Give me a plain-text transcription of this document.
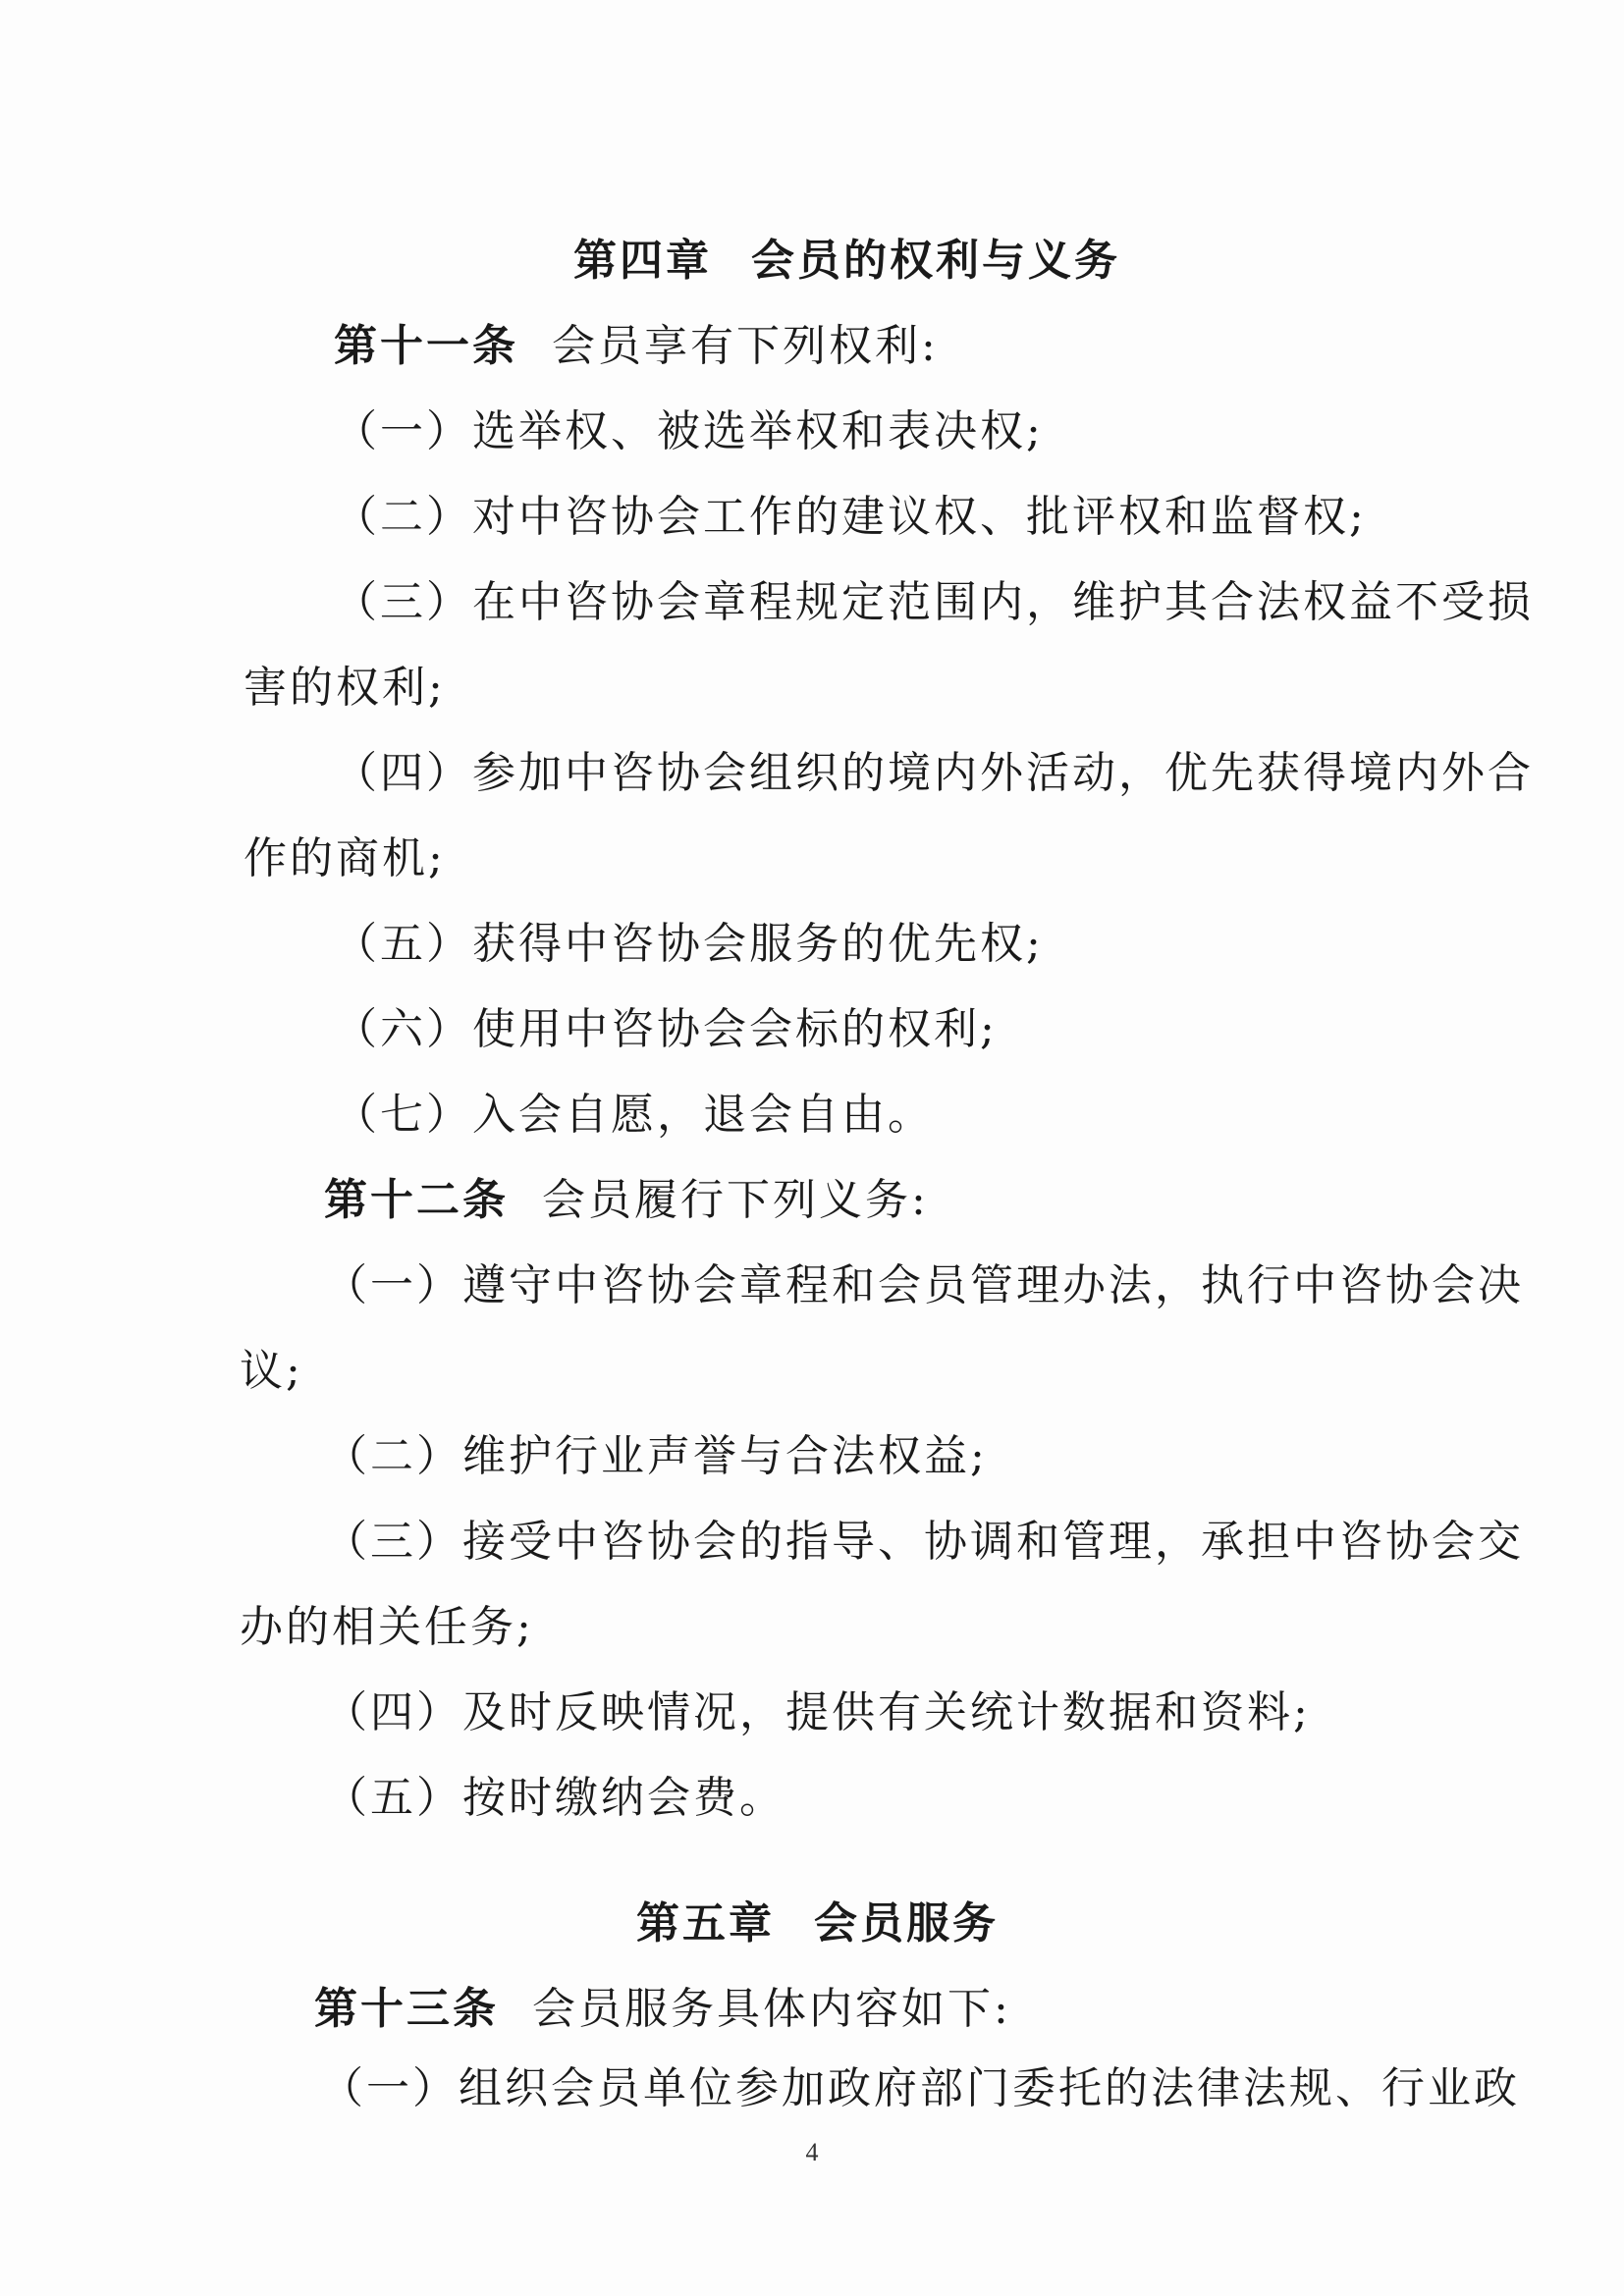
第四章 会员的权利与义务
第十一条 会员享有下列权利:
（一）选举权、被选举权和表决权;
（二）对中咨协会工作的建议权、批评权和监督权;
（三）在中咨协会章程规定范围内，维护其合法权益不受损
害的权利;
（四）参加中咨协会组织的境内外活动，优先获得境内外合
作的商机;
（五）获得中咨协会服务的优先权;
（六）使用中咨协会会标的权利;
（七）入会自愿，退会自由。
第十二条 会员履行下列义务:
（一）遵守中咨协会章程和会员管理办法，执行中咨协会决
议;
（二）维护行业声誉与合法权益;
（三）接受中咨协会的指导、协调和管理，承担中咨协会交
办的相关任务;
（四）及时反映情况，提供有关统计数据和资料;
（五）按时缴纳会费。
第五章 会员服务
第十三条 会员服务具体内容如下:
（一）组织会员单位参加政府部门委托的法律法规、行业政
4
